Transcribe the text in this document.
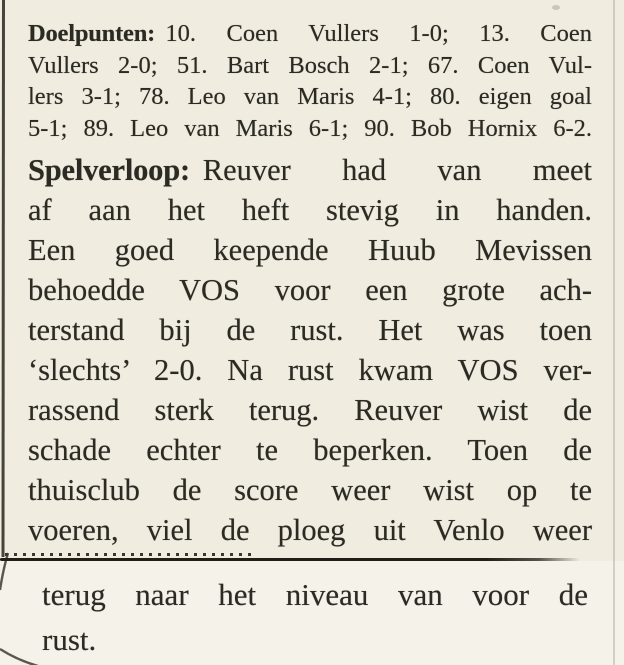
Doelpunten: 10. Coen Vullers 1-0; 13. Coen
Vullers 2-0; 51. Bart Bosch 2-1; 67. Coen Vul-
lers 3-1; 78. Leo van Maris 4-1; 80. eigen goal
5-1; 89. Leo van Maris 6-1; 90. Bob Hornix 6-2.
Spelverloop: Reuver had van meet
af aan het heft stevig in handen.
Een goed keepende Huub Mevissen
behoedde VOS voor een grote ach-
terstand bij de rust. Het was toen
‘slechts’ 2-0. Na rust kwam VOS ver-
rassend sterk terug. Reuver wist de
schade echter te beperken. Toen de
thuisclub de score weer wist op te
voeren, viel de ploeg uit Venlo weer
terug naar het niveau van voor de
rust.
